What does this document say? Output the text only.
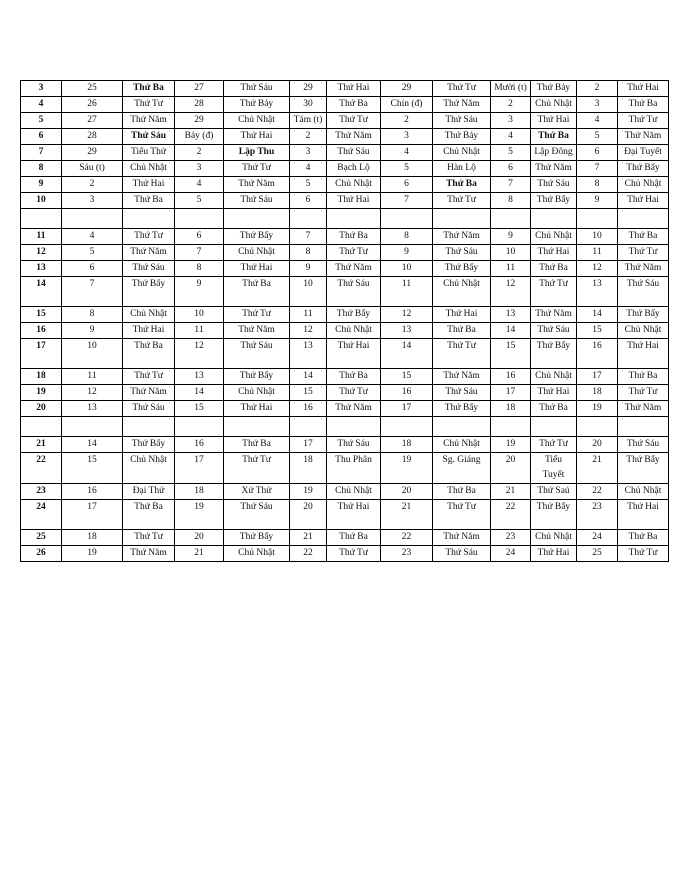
3	25	Thứ Ba	27	Thứ Sáu	29	Thứ Hai	29	Thứ Tư	Mười (t)	Thứ Bảy	2	Thứ Hai
4	26	Thứ Tư	28	Thứ Bảy	30	Thứ Ba	Chín (đ)	Thứ Năm	2	Chủ Nhật	3	Thứ Ba
5	27	Thứ Năm	29	Chủ Nhật	Tám (t)	Thứ Tư	2	Thứ Sáu	3	Thứ Hai	4	Thứ Tư
6	28	Thứ Sáu	Bảy (đ)	Thứ Hai	2	Thứ Năm	3	Thứ Bảy	4	Thứ Ba	5	Thứ Năm
7	29	Tiểu Thử	2	Lập Thu	3	Thứ Sáu	4	Chủ Nhật	5	Lập Đông	6	Đại Tuyết
8	Sáu (t)	Chủ Nhật	3	Thứ Tư	4	Bạch Lộ	5	Hàn Lộ	6	Thứ Năm	7	Thứ Bẩy
9	2	Thứ Hai	4	Thứ Năm	5	Chủ Nhật	6	Thứ Ba	7	Thứ Sáu	8	Chủ Nhật
10	3	Thứ Ba	5	Thứ Sáu	6	Thứ Hai	7	Thứ Tư	8	Thứ Bẩy	9	Thứ Hai

11	4	Thứ Tư	6	Thứ Bẩy	7	Thứ Ba	8	Thứ Năm	9	Chủ Nhật	10	Thứ Ba
12	5	Thứ Năm	7	Chủ Nhật	8	Thứ Tư	9	Thứ Sáu	10	Thứ Hai	11	Thứ Tư
13	6	Thứ Sáu	8	Thứ Hai	9	Thứ Năm	10	Thứ Bẩy	11	Thứ Ba	12	Thứ Năm
14	7	Thứ Bẩy	9	Thứ Ba	10	Thứ Sáu	11	Chủ Nhật	12	Thứ Tư	13	Thứ Sáu
15	8	Chủ Nhật	10	Thứ Tư	11	Thứ Bẩy	12	Thứ Hai	13	Thứ Năm	14	Thứ Bẩy
16	9	Thứ Hai	11	Thứ Năm	12	Chủ Nhật	13	Thứ Ba	14	Thứ Sáu	15	Chủ Nhật
17	10	Thứ Ba	12	Thứ Sáu	13	Thứ Hai	14	Thứ Tư	15	Thứ Bẩy	16	Thứ Hai
18	11	Thứ Tư	13	Thứ Bẩy	14	Thứ Ba	15	Thứ Năm	16	Chủ Nhật	17	Thứ Ba
19	12	Thứ Năm	14	Chủ Nhật	15	Thứ Tư	16	Thứ Sáu	17	Thứ Hai	18	Thứ Tư
20	13	Thứ Sáu	15	Thứ Hai	16	Thứ Năm	17	Thứ Bẩy	18	Thứ Ba	19	Thứ Năm

21	14	Thứ Bẩy	16	Thứ Ba	17	Thứ Sáu	18	Chủ Nhật	19	Thứ Tư	20	Thứ Sáu
22	15	Chủ Nhật	17	Thứ Tư	18	Thu Phân	19	Sg. Giáng	20	Tiểu Tuyết	21	Thứ Bẩy
23	16	Đại Thử	18	Xử Thử	19	Chủ Nhật	20	Thứ Ba	21	Thứ Saú	22	Chủ Nhật
24	17	Thứ Ba	19	Thứ Sáu	20	Thứ Hai	21	Thứ Tư	22	Thứ Bẩy	23	Thứ Hai
25	18	Thứ Tư	20	Thứ Bẩy	21	Thứ Ba	22	Thứ Năm	23	Chủ Nhật	24	Thứ Ba
26	19	Thứ Năm	21	Chủ Nhật	22	Thứ Tư	23	Thứ Sáu	24	Thứ Hai	25	Thứ Tư
